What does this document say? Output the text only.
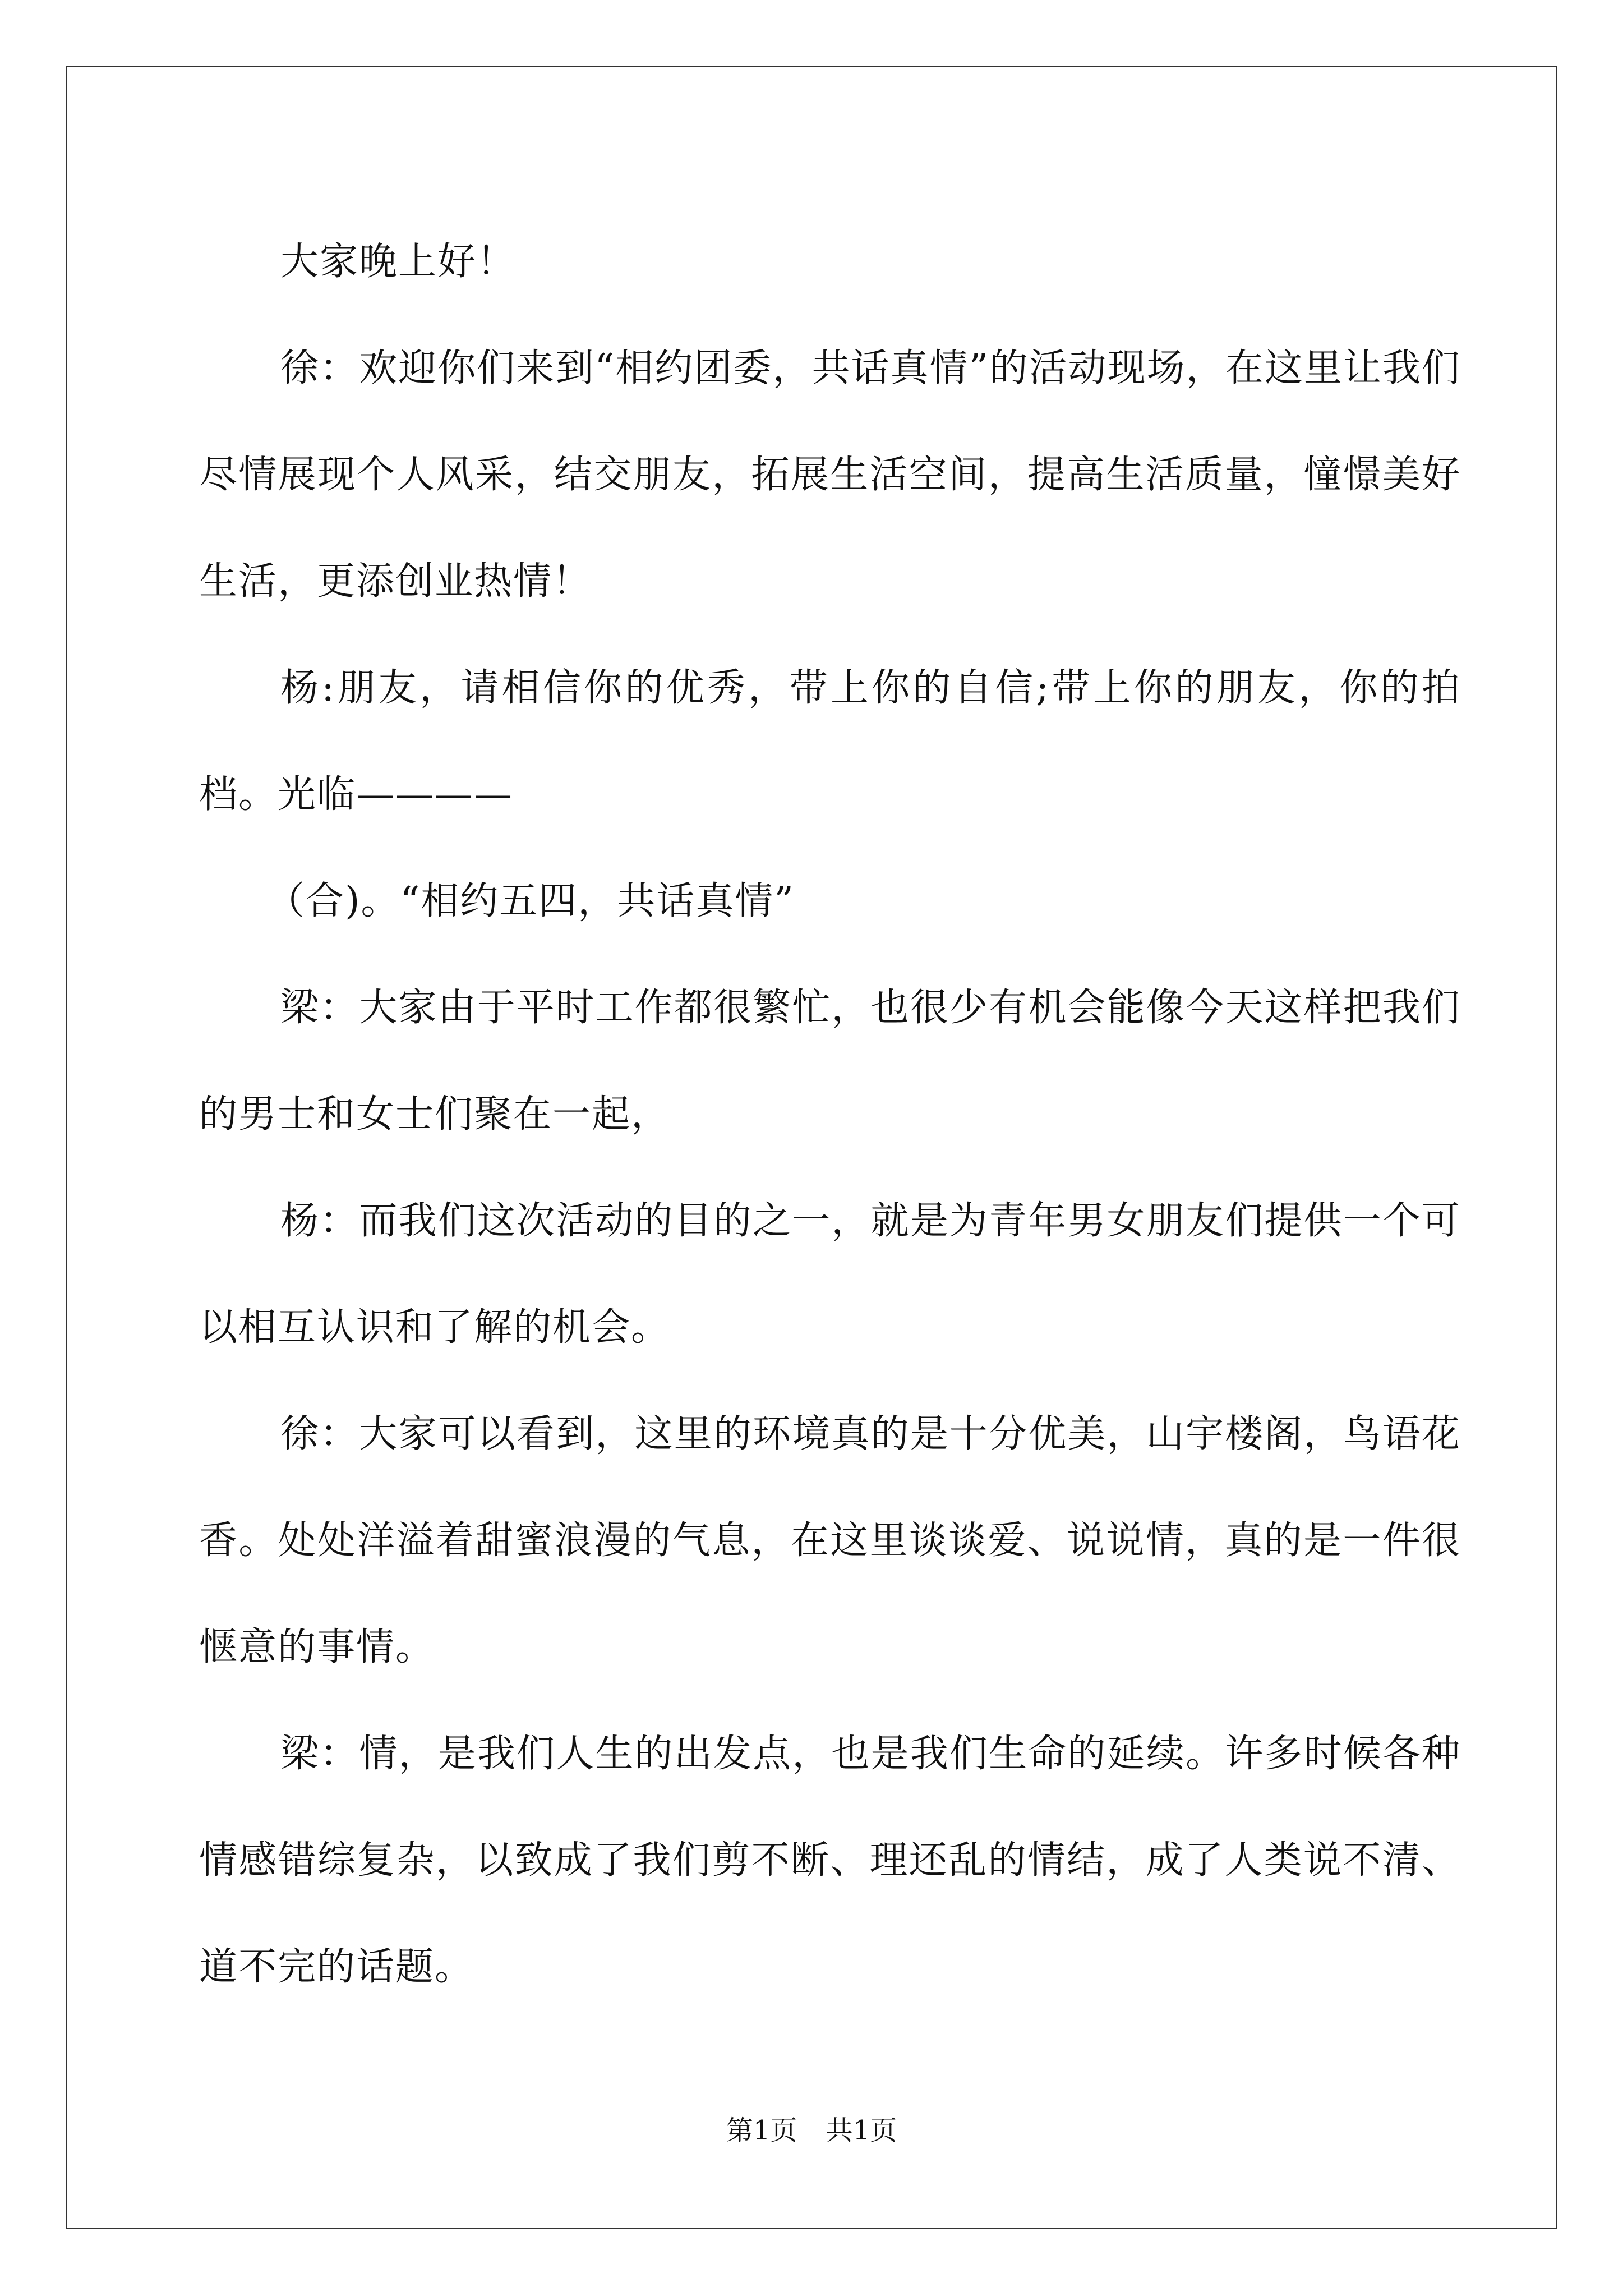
大家晚上好！

徐：欢迎你们来到“相约团委，共话真情”的活动现场，在这里让我们尽情展现个人风采，结交朋友，拓展生活空间，提高生活质量，憧憬美好生活，更添创业热情！

杨:朋友，请相信你的优秀，带上你的自信;带上你的朋友，你的拍档。光临————

（合)。“相约五四，共话真情”

梁：大家由于平时工作都很繁忙，也很少有机会能像今天这样把我们的男士和女士们聚在一起，

杨：而我们这次活动的目的之一，就是为青年男女朋友们提供一个可以相互认识和了解的机会。

徐：大家可以看到，这里的环境真的是十分优美，山宇楼阁，鸟语花香。处处洋溢着甜蜜浪漫的气息，在这里谈谈爱、说说情，真的是一件很惬意的事情。

梁：情，是我们人生的出发点，也是我们生命的延续。许多时候各种情感错综复杂，以致成了我们剪不断、理还乱的情结，成了人类说不清、道不完的话题。

第1页 共1页
